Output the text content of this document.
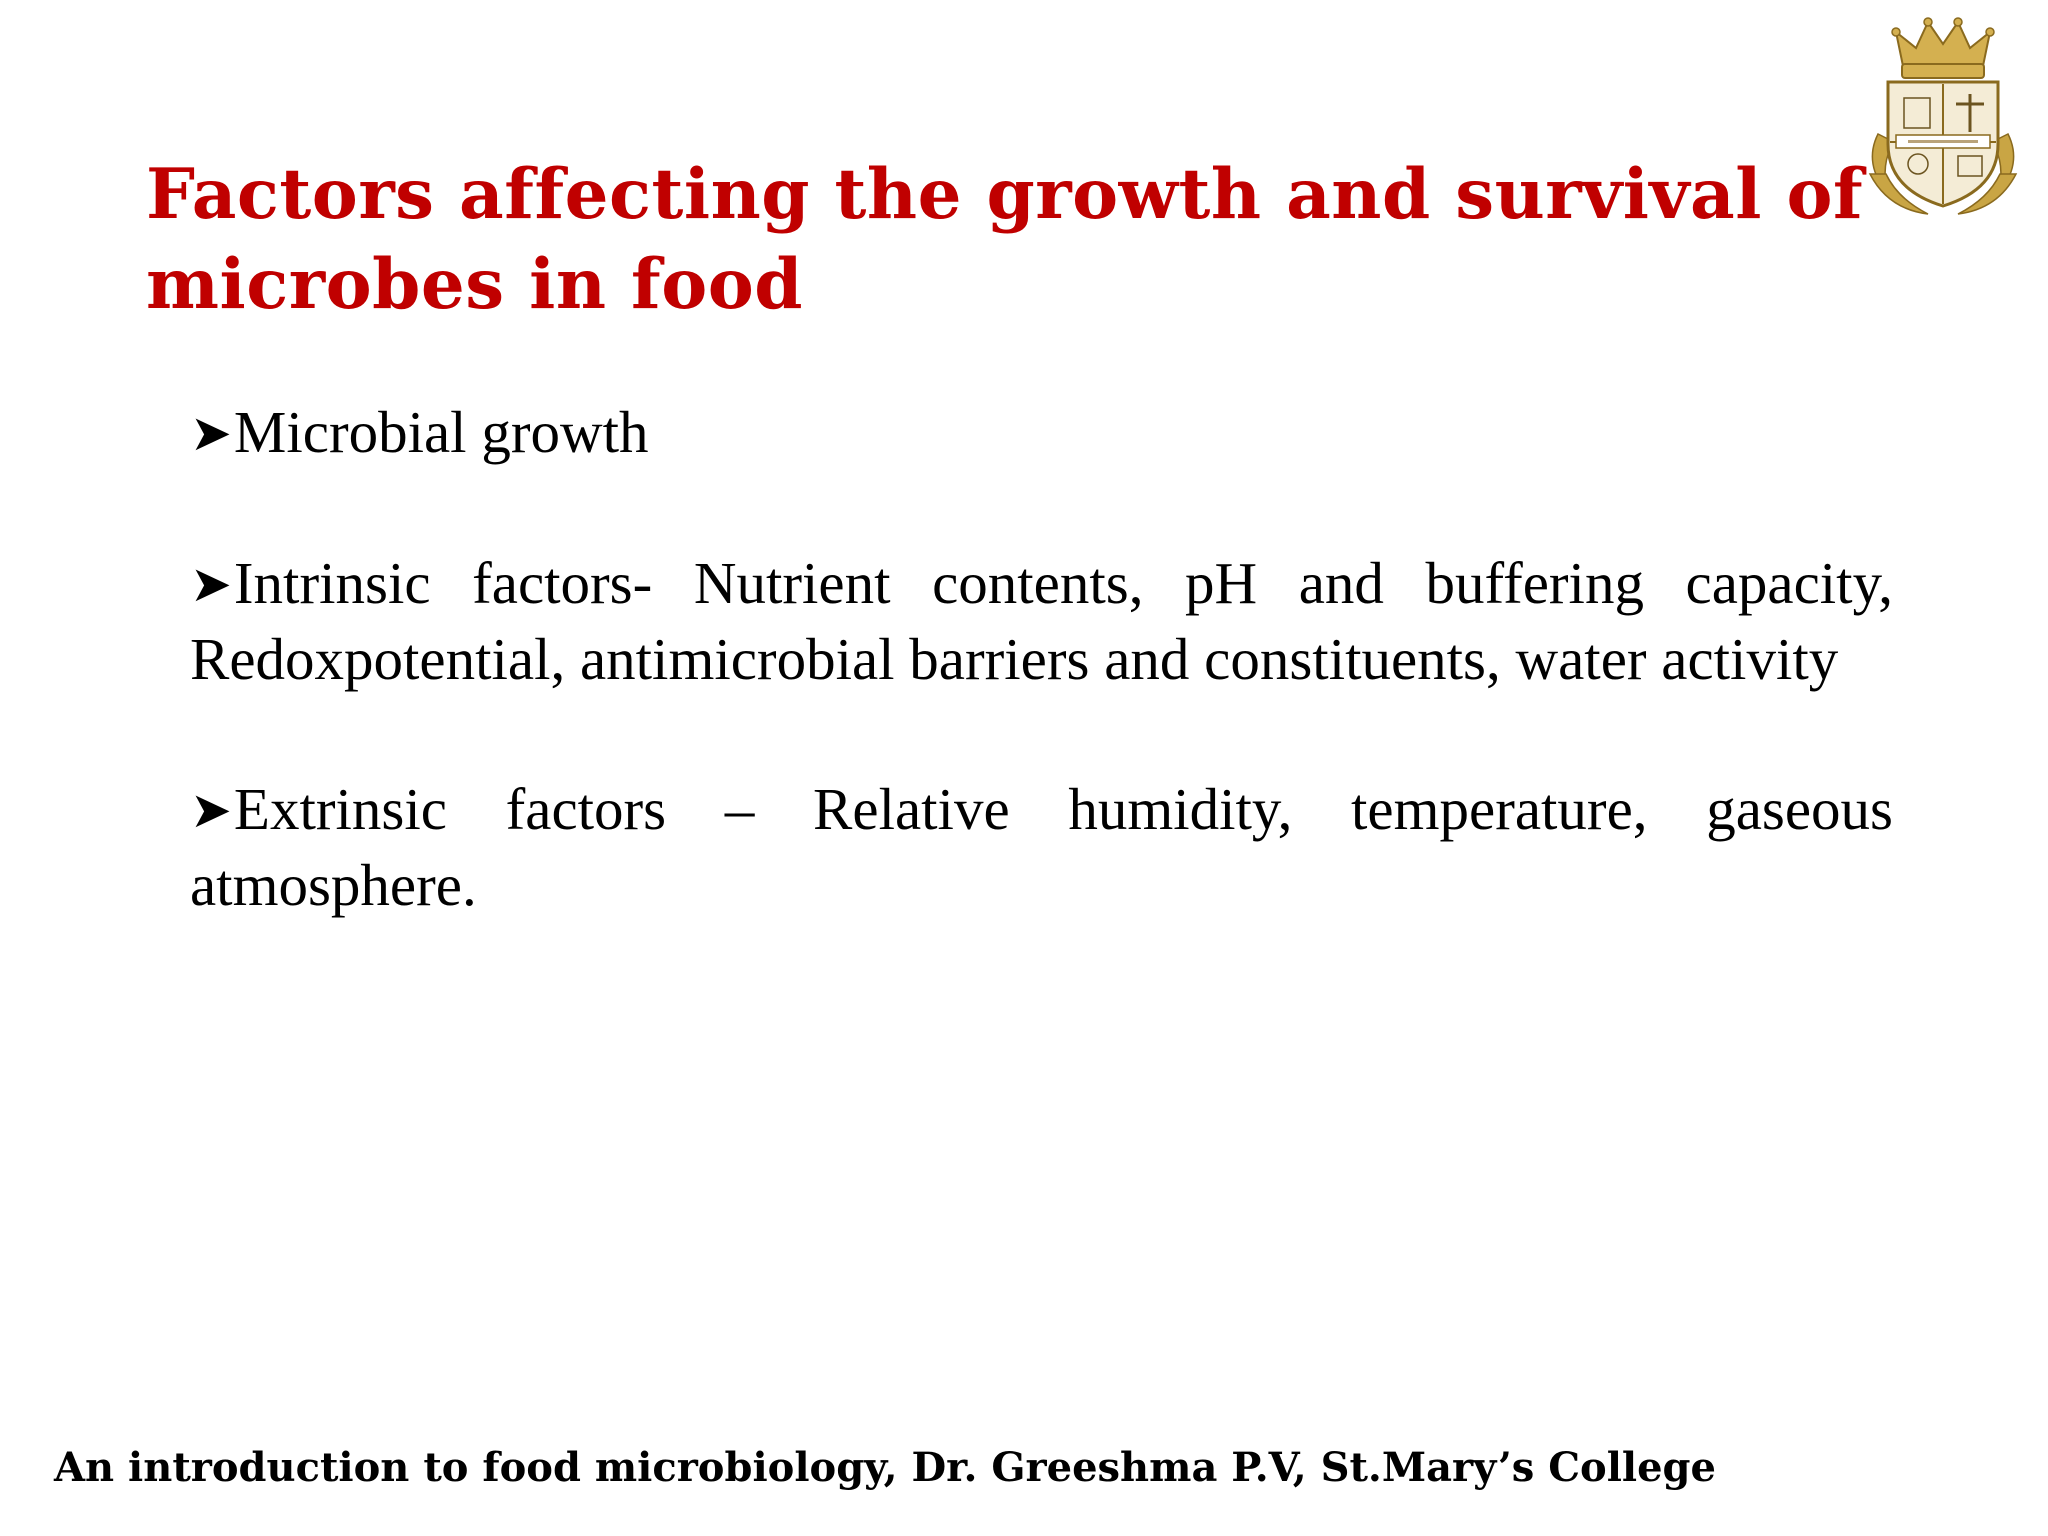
Factors affecting the growth and survival of microbes in food
➤Microbial growth
➤Intrinsic factors- Nutrient contents, pH and buffering capacity, Redoxpotential, antimicrobial barriers and constituents, water activity
➤Extrinsic factors – Relative humidity, temperature, gaseous atmosphere.
An introduction to food microbiology, Dr. Greeshma P.V, St.Mary’s College
